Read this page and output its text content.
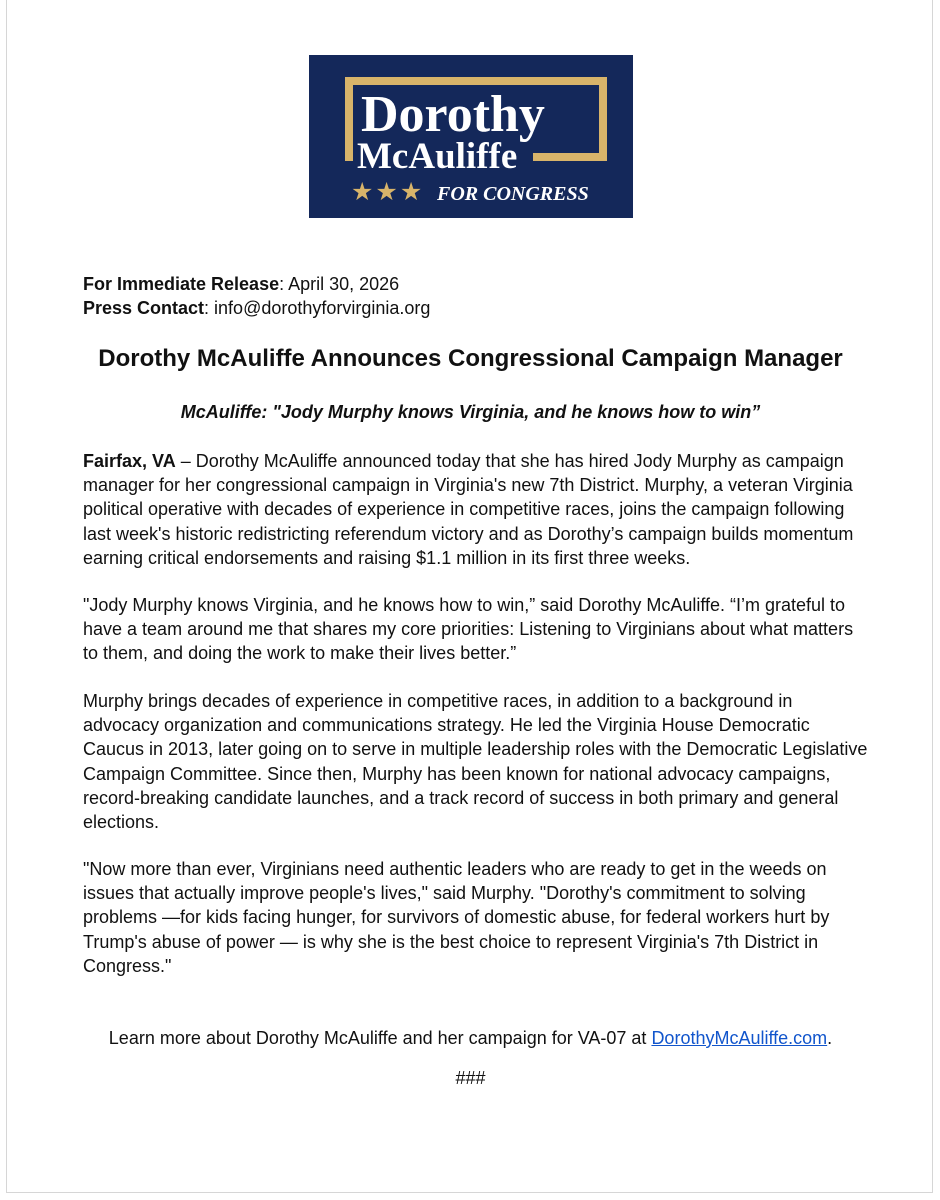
Dorothy
McAuliffe
★★★ FOR CONGRESS
For Immediate Release: April 30, 2026
Press Contact: info@dorothyforvirginia.org
Dorothy McAuliffe Announces Congressional Campaign Manager
McAuliffe: "Jody Murphy knows Virginia, and he knows how to win”

Fairfax, VA – Dorothy McAuliffe announced today that she has hired Jody Murphy as campaign manager for her congressional campaign in Virginia's new 7th District. Murphy, a veteran Virginia political operative with decades of experience in competitive races, joins the campaign following last week's historic redistricting referendum victory and as Dorothy’s campaign builds momentum earning critical endorsements and raising $1.1 million in its first three weeks.

"Jody Murphy knows Virginia, and he knows how to win,” said Dorothy McAuliffe. “I’m grateful to have a team around me that shares my core priorities: Listening to Virginians about what matters to them, and doing the work to make their lives better.”

Murphy brings decades of experience in competitive races, in addition to a background in advocacy organization and communications strategy. He led the Virginia House Democratic Caucus in 2013, later going on to serve in multiple leadership roles with the Democratic Legislative Campaign Committee. Since then, Murphy has been known for national advocacy campaigns, record-breaking candidate launches, and a track record of success in both primary and general elections.

"Now more than ever, Virginians need authentic leaders who are ready to get in the weeds on issues that actually improve people's lives," said Murphy. "Dorothy's commitment to solving problems —for kids facing hunger, for survivors of domestic abuse, for federal workers hurt by Trump's abuse of power — is why she is the best choice to represent Virginia's 7th District in Congress."

Learn more about Dorothy McAuliffe and her campaign for VA-07 at DorothyMcAuliffe.com.
###
